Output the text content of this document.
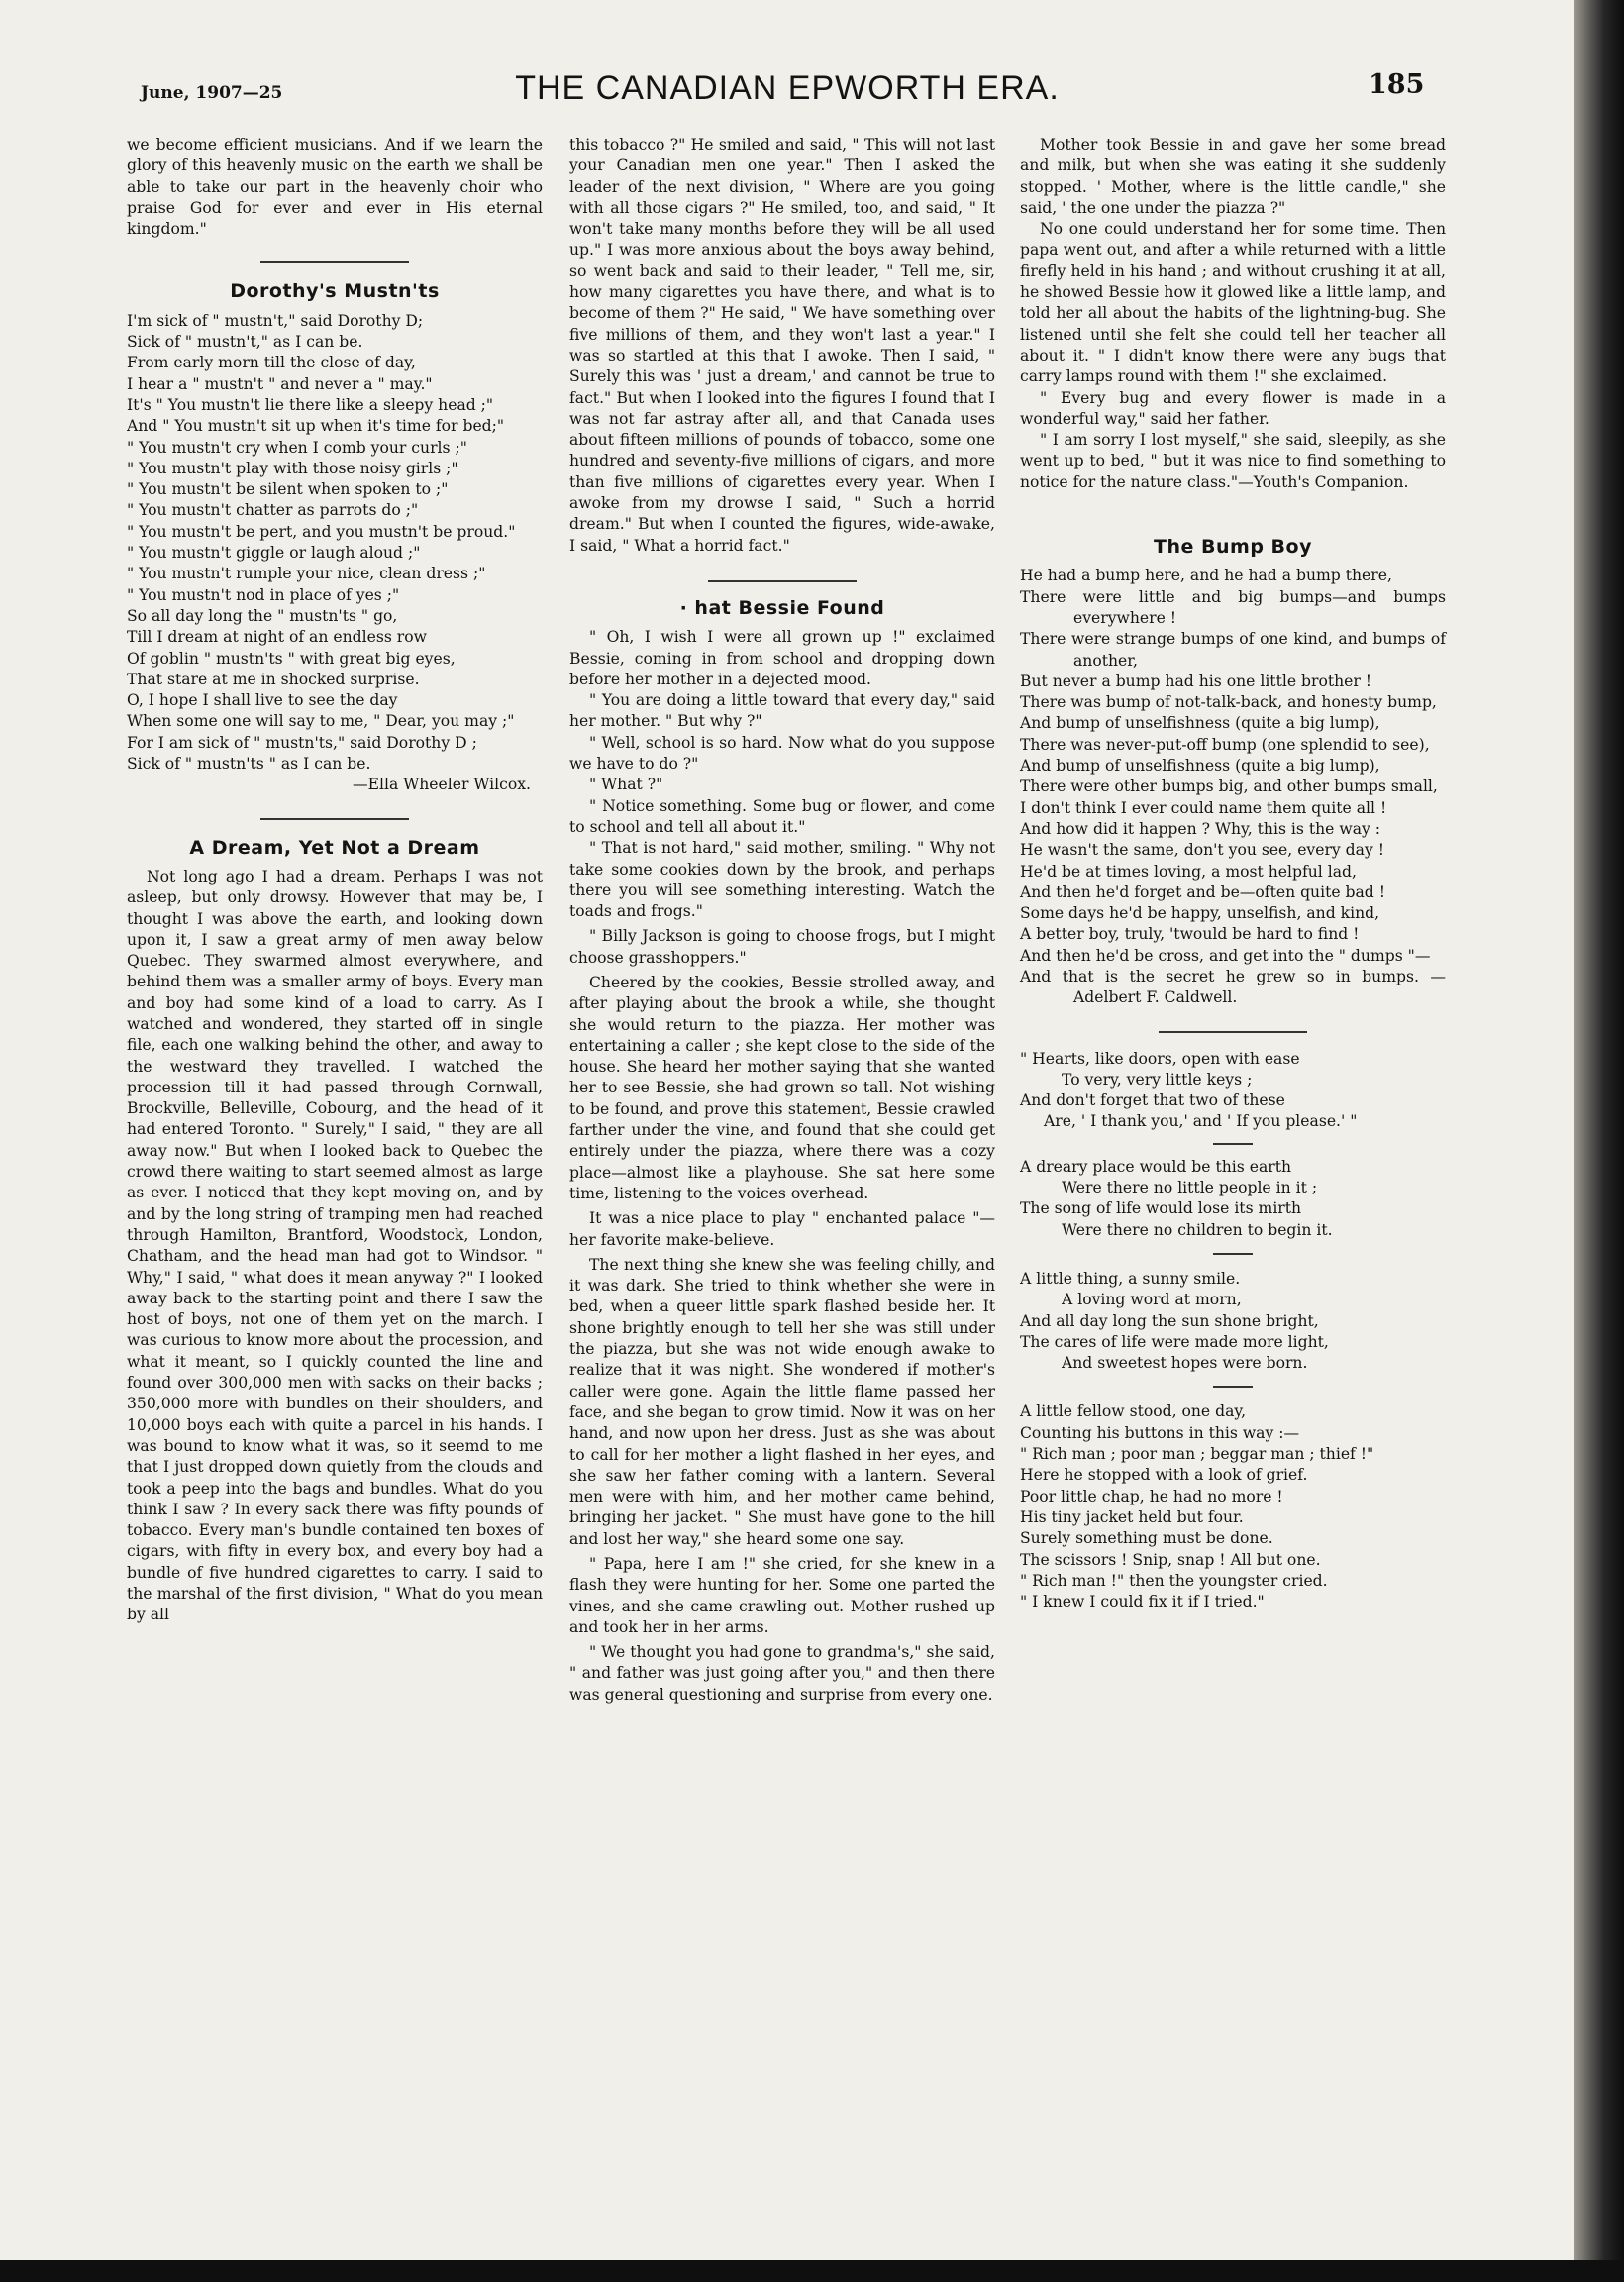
June, 1907—25	THE CANADIAN EPWORTH ERA.	185

we become efficient musicians. And if we learn the glory of this heavenly music on the earth we shall be able to take our part in the heavenly choir who praise God for ever and ever in His eternal kingdom."

Dorothy's Mustn'ts
I'm sick of " mustn't," said Dorothy D;
Sick of " mustn't," as I can be.
From early morn till the close of day,
I hear a " mustn't " and never a " may."
It's " You mustn't lie there like a sleepy head ;"
And " You mustn't sit up when it's time for bed;"
" You mustn't cry when I comb your curls ;"
" You mustn't play with those noisy girls ;"
" You mustn't be silent when spoken to ;"
" You mustn't chatter as parrots do ;"
" You mustn't be pert, and you mustn't be proud."
" You mustn't giggle or laugh aloud ;"
" You mustn't rumple your nice, clean dress ;"
" You mustn't nod in place of yes ;"
So all day long the " mustn'ts " go,
Till I dream at night of an endless row
Of goblin " mustn'ts " with great big eyes,
That stare at me in shocked surprise.
O, I hope I shall live to see the day
When some one will say to me, " Dear, you may ;"
For I am sick of " mustn'ts," said Dorothy D ;
Sick of " mustn'ts " as I can be.
—Ella Wheeler Wilcox.
A Dream, Yet Not a Dream

Not long ago I had a dream. Perhaps I was not asleep, but only drowsy. However that may be, I thought I was above the earth, and looking down upon it, I saw a great army of men away below Quebec. They swarmed almost everywhere, and behind them was a smaller army of boys. Every man and boy had some kind of a load to carry. As I watched and wondered, they started off in single file, each one walking behind the other, and away to the westward they travelled. I watched the procession till it had passed through Cornwall, Brockville, Belleville, Cobourg, and the head of it had entered Toronto. " Surely," I said, " they are all away now." But when I looked back to Quebec the crowd there waiting to start seemed almost as large as ever. I noticed that they kept moving on, and by and by the long string of tramping men had reached through Hamilton, Brantford, Woodstock, London, Chatham, and the head man had got to Windsor. " Why," I said, " what does it mean anyway ?" I looked away back to the starting point and there I saw the host of boys, not one of them yet on the march. I was curious to know more about the procession, and what it meant, so I quickly counted the line and found over 300,000 men with sacks on their backs ; 350,000 more with bundles on their shoulders, and 10,000 boys each with quite a parcel in his hands. I was bound to know what it was, so it seemd to me that I just dropped down quietly from the clouds and took a peep into the bags and bundles. What do you think I saw ? In every sack there was fifty pounds of tobacco. Every man's bundle contained ten boxes of cigars, with fifty in every box, and every boy had a bundle of five hundred cigarettes to carry. I said to the marshal of the first division, " What do you mean by all

this tobacco ?" He smiled and said, " This will not last your Canadian men one year." Then I asked the leader of the next division, " Where are you going with all those cigars ?" He smiled, too, and said, " It won't take many months before they will be all used up." I was more anxious about the boys away behind, so went back and said to their leader, " Tell me, sir, how many cigarettes you have there, and what is to become of them ?" He said, " We have something over five millions of them, and they won't last a year." I was so startled at this that I awoke. Then I said, " Surely this was ' just a dream,' and cannot be true to fact." But when I looked into the figures I found that I was not far astray after all, and that Canada uses about fifteen millions of pounds of tobacco, some one hundred and seventy-five millions of cigars, and more than five millions of cigarettes every year. When I awoke from my drowse I said, " Such a horrid dream." But when I counted the figures, wide-awake, I said, " What a horrid fact."

· hat Bessie Found

" Oh, I wish I were all grown up !" exclaimed Bessie, coming in from school and dropping down before her mother in a dejected mood.

" You are doing a little toward that every day," said her mother. " But why ?"

" Well, school is so hard. Now what do you suppose we have to do ?"

" What ?"

" Notice something. Some bug or flower, and come to school and tell all about it."

" That is not hard," said mother, smiling. " Why not take some cookies down by the brook, and perhaps there you will see something interesting. Watch the toads and frogs."

" Billy Jackson is going to choose frogs, but I might choose grasshoppers."

Cheered by the cookies, Bessie strolled away, and after playing about the brook a while, she thought she would return to the piazza. Her mother was entertaining a caller ; she kept close to the side of the house. She heard her mother saying that she wanted her to see Bessie, she had grown so tall. Not wishing to be found, and prove this statement, Bessie crawled farther under the vine, and found that she could get entirely under the piazza, where there was a cozy place—almost like a playhouse. She sat here some time, listening to the voices overhead.

It was a nice place to play " enchanted palace "—her favorite make-believe.

The next thing she knew she was feeling chilly, and it was dark. She tried to think whether she were in bed, when a queer little spark flashed beside her. It shone brightly enough to tell her she was still under the piazza, but she was not wide enough awake to realize that it was night. She wondered if mother's caller were gone. Again the little flame passed her face, and she began to grow timid. Now it was on her hand, and now upon her dress. Just as she was about to call for her mother a light flashed in her eyes, and she saw her father coming with a lantern. Several men were with him, and her mother came behind, bringing her jacket. " She must have gone to the hill and lost her way," she heard some one say.

" Papa, here I am !" she cried, for she knew in a flash they were hunting for her. Some one parted the vines, and she came crawling out. Mother rushed up and took her in her arms.

" We thought you had gone to grandma's," she said, " and father was just going after you," and then there was general questioning and surprise from every one.

Mother took Bessie in and gave her some bread and milk, but when she was eating it she suddenly stopped. ' Mother, where is the little candle," she said, ' the one under the piazza ?"

No one could understand her for some time. Then papa went out, and after a while returned with a little firefly held in his hand ; and without crushing it at all, he showed Bessie how it glowed like a little lamp, and told her all about the habits of the lightning-bug. She listened until she felt she could tell her teacher all about it. " I didn't know there were any bugs that carry lamps round with them !" she exclaimed.

" Every bug and every flower is made in a wonderful way," said her father.

" I am sorry I lost myself," she said, sleepily, as she went up to bed, " but it was nice to find something to notice for the nature class."—Youth's Companion.

The Bump Boy
He had a bump here, and he had a bump there,
There were little and big bumps—and bumps everywhere !
There were strange bumps of one kind, and bumps of another,
But never a bump had his one little brother !
There was bump of not-talk-back, and honesty bump,
And bump of unselfishness (quite a big lump),
There was never-put-off bump (one splendid to see),
And bump of unselfishness (quite a big lump),
There were other bumps big, and other bumps small,
I don't think I ever could name them quite all !
And how did it happen ? Why, this is the way :
He wasn't the same, don't you see, every day !
He'd be at times loving, a most helpful lad,
And then he'd forget and be—often quite bad !
Some days he'd be happy, unselfish, and kind,
A better boy, truly, 'twould be hard to find !
And then he'd be cross, and get into the " dumps "—
And that is the secret he grew so in bumps. —Adelbert F. Caldwell.
" Hearts, like doors, open with ease
To very, very little keys ;
And don't forget that two of these
Are, ' I thank you,' and ' If you please.' "
A dreary place would be this earth
Were there no little people in it ;
The song of life would lose its mirth
Were there no children to begin it.
A little thing, a sunny smile.
A loving word at morn,
And all day long the sun shone bright,
The cares of life were made more light,
And sweetest hopes were born.
A little fellow stood, one day,
Counting his buttons in this way :—
" Rich man ; poor man ; beggar man ; thief !"
Here he stopped with a look of grief.
Poor little chap, he had no more !
His tiny jacket held but four.
Surely something must be done.
The scissors ! Snip, snap ! All but one.
" Rich man !" then the youngster cried.
" I knew I could fix it if I tried."
